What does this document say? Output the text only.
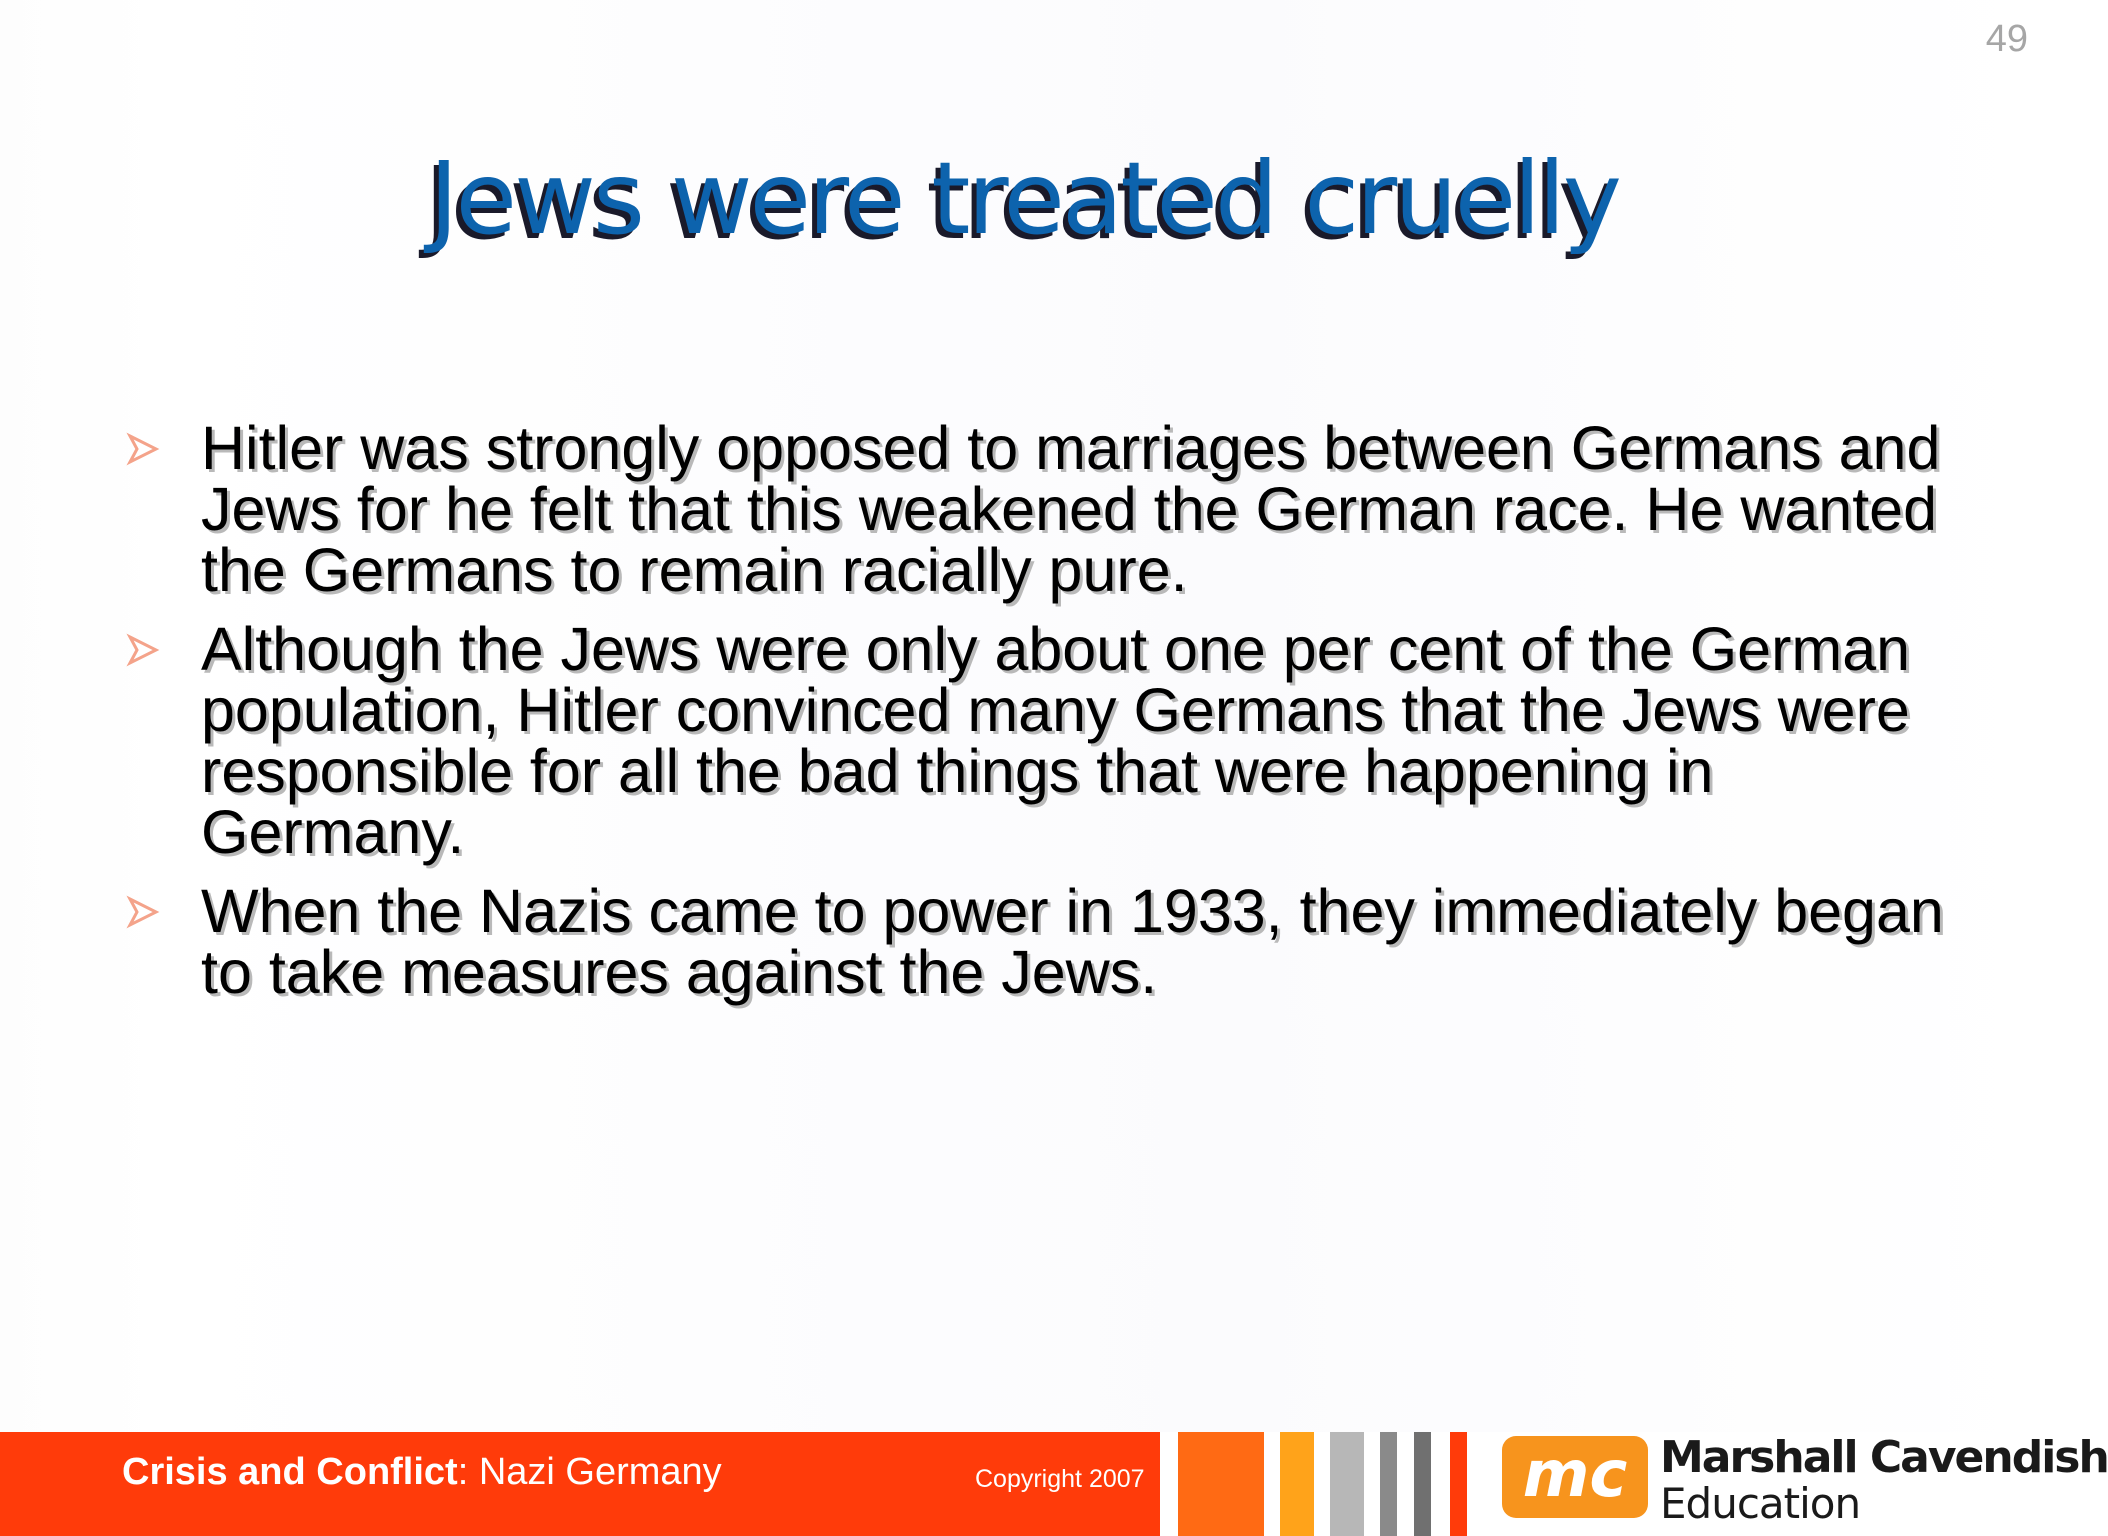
49
Jews were treated cruelly
Hitler was strongly opposed to marriages between Germans and Jews for he felt that this weakened the German race. He wanted the Germans to remain racially pure.
Although the Jews were only about one per cent of the German population, Hitler convinced many Germans that the Jews were responsible for all the bad things that were happening in Germany.
When the Nazis came to power in 1933, they immediately began to take measures against the Jews.
Crisis and Conflict: Nazi Germany	Copyright 2007	mc Marshall Cavendish
Education
